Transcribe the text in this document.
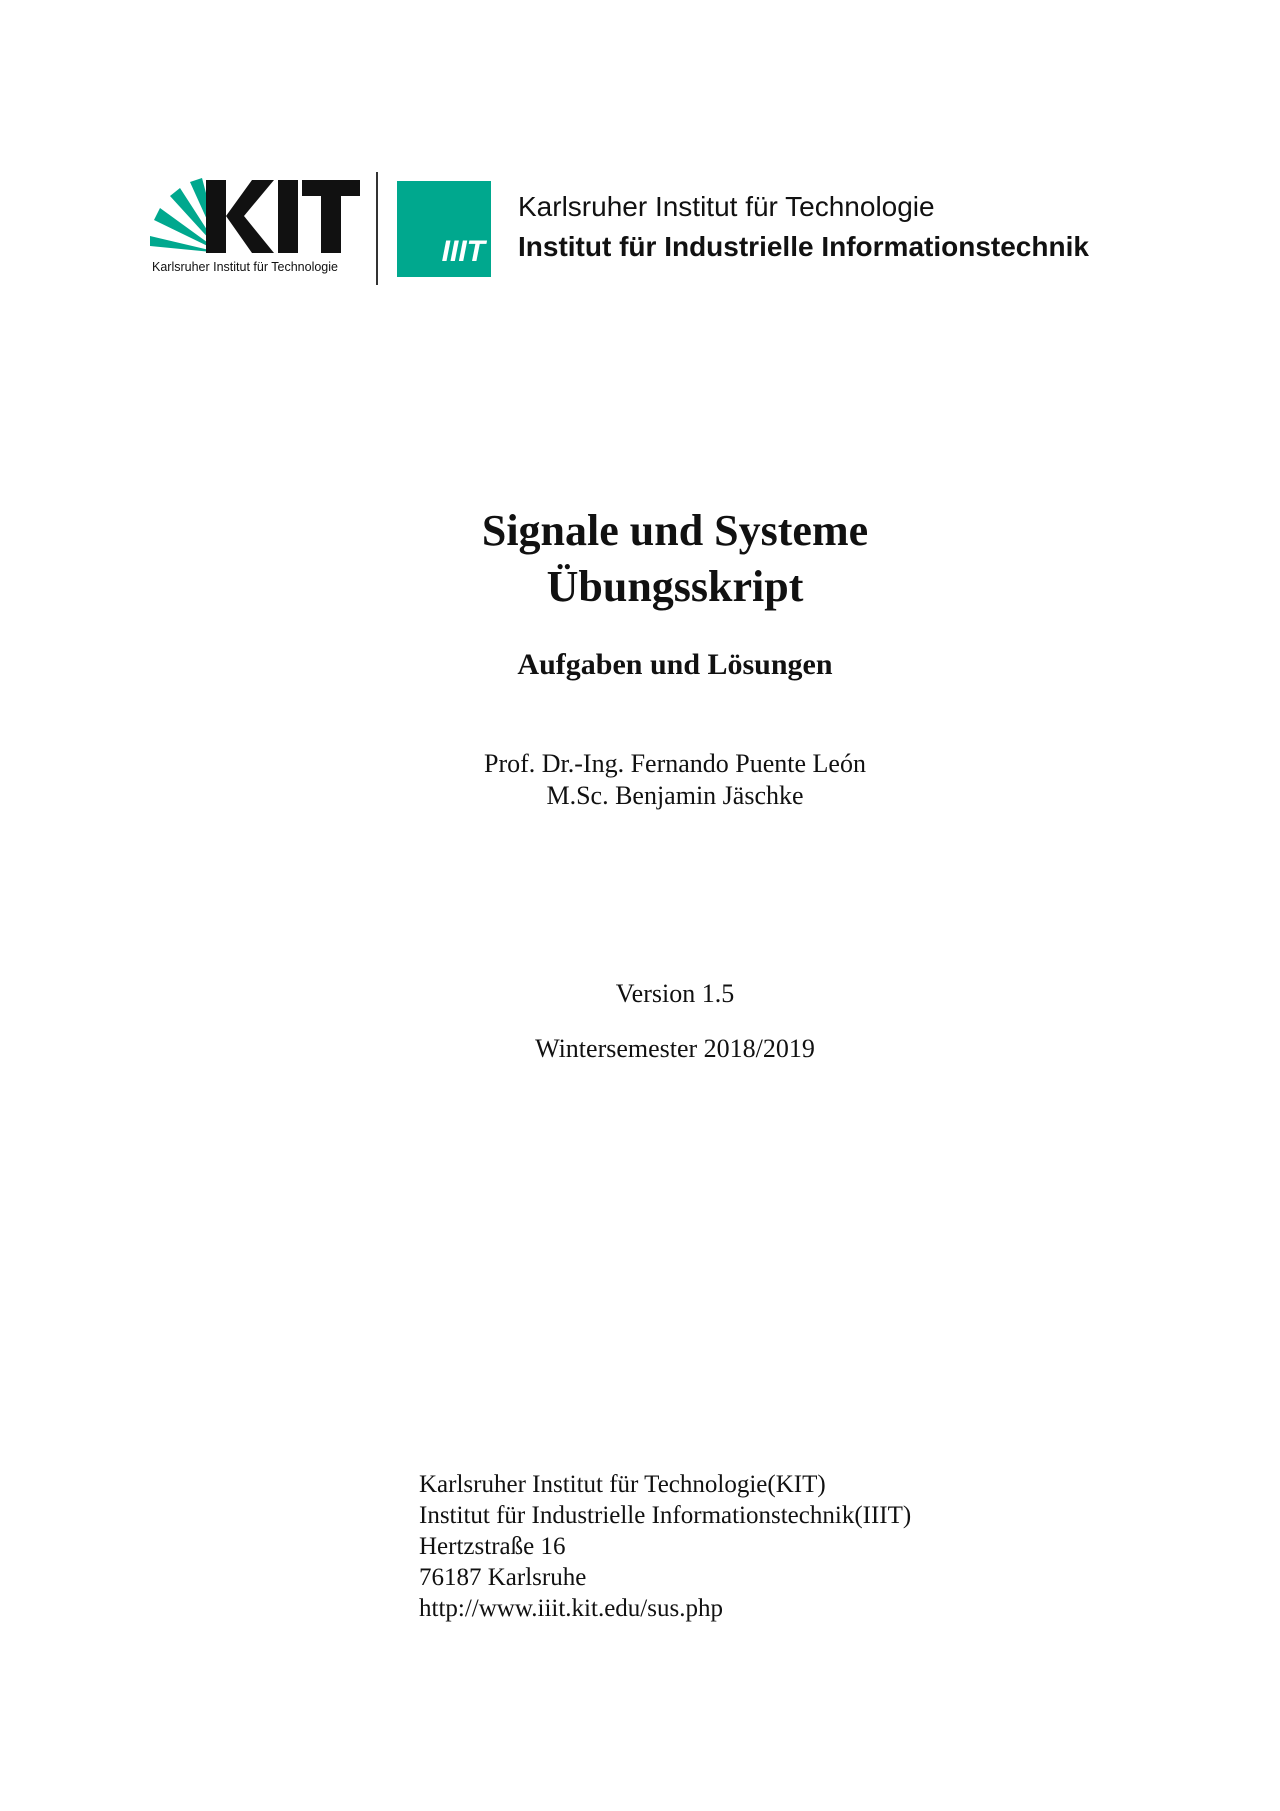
Karlsruher Institut für Technologie	IIIT
Karlsruher Institut für Technologie
Institut für Industrielle Informationstechnik
Signale und Systeme
Übungsskript
Aufgaben und Lösungen
Prof. Dr.-Ing. Fernando Puente León
M.Sc. Benjamin Jäschke
Version 1.5
Wintersemester 2018/2019
Karlsruher Institut für Technologie(KIT)
Institut für Industrielle Informationstechnik(IIIT)
Hertzstraße 16
76187 Karlsruhe
http://www.iiit.kit.edu/sus.php
